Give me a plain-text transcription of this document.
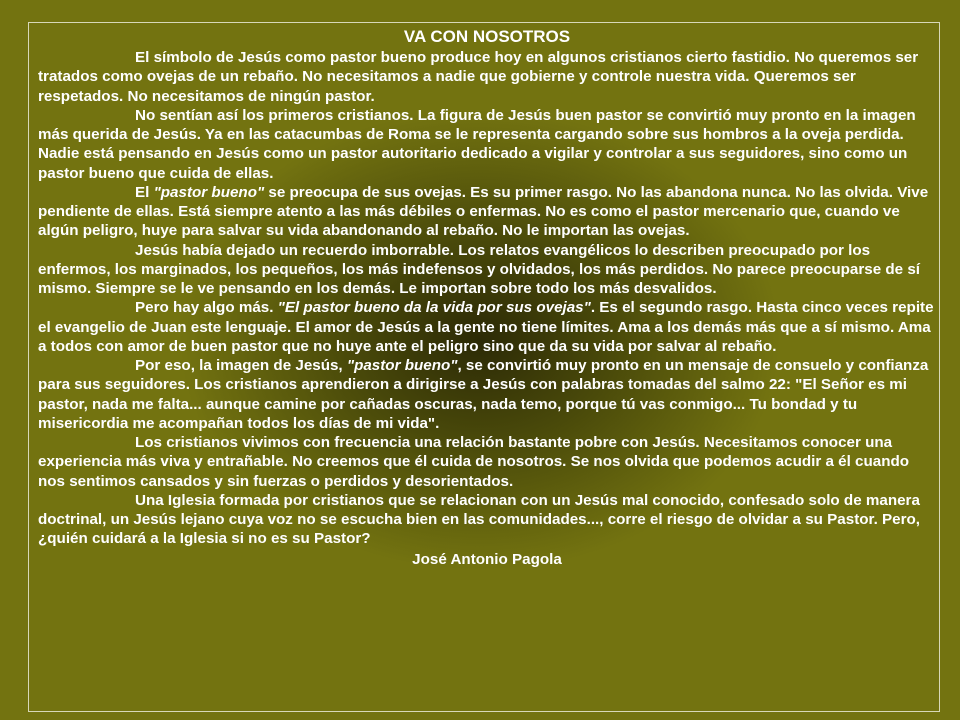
VA CON NOSOTROS

El símbolo de Jesús como pastor bueno produce hoy en algunos cristianos cierto fastidio. No queremos ser tratados como ovejas de un rebaño. No necesitamos a nadie que gobierne y controle nuestra vida. Queremos ser respetados. No necesitamos de ningún pastor.

No sentían así los primeros cristianos. La figura de Jesús buen pastor se convirtió muy pronto en la imagen más querida de Jesús. Ya en las catacumbas de Roma se le representa cargando sobre sus hombros a la oveja perdida. Nadie está pensando en Jesús como un pastor autoritario dedicado a vigilar y controlar a sus seguidores, sino como un pastor bueno que cuida de ellas.

El "pastor bueno" se preocupa de sus ovejas. Es su primer rasgo. No las abandona nunca. No las olvida. Vive pendiente de ellas. Está siempre atento a las más débiles o enfermas. No es como el pastor mercenario que, cuando ve algún peligro, huye para salvar su vida abandonando al rebaño. No le importan las ovejas.

Jesús había dejado un recuerdo imborrable. Los relatos evangélicos lo describen preocupado por los enfermos, los marginados, los pequeños, los más indefensos y olvidados, los más perdidos. No parece preocuparse de sí mismo. Siempre se le ve pensando en los demás. Le importan sobre todo los más desvalidos.

Pero hay algo más. "El pastor bueno da la vida por sus ovejas". Es el segundo rasgo. Hasta cinco veces repite el evangelio de Juan este lenguaje. El amor de Jesús a la gente no tiene límites. Ama a los demás más que a sí mismo. Ama a todos con amor de buen pastor que no huye ante el peligro sino que da su vida por salvar al rebaño.

Por eso, la imagen de Jesús, "pastor bueno", se convirtió muy pronto en un mensaje de consuelo y confianza para sus seguidores. Los cristianos aprendieron a dirigirse a Jesús con palabras tomadas del salmo 22: "El Señor es mi pastor, nada me falta... aunque camine por cañadas oscuras, nada temo, porque tú vas conmigo... Tu bondad y tu misericordia me acompañan todos los días de mi vida".

Los cristianos vivimos con frecuencia una relación bastante pobre con Jesús. Necesitamos conocer una experiencia más viva y entrañable. No creemos que él cuida de nosotros. Se nos olvida que podemos acudir a él cuando nos sentimos cansados y sin fuerzas o perdidos y desorientados.

Una Iglesia formada por cristianos que se relacionan con un Jesús mal conocido, confesado solo de manera doctrinal, un Jesús lejano cuya voz no se escucha bien en las comunidades..., corre el riesgo de olvidar a su Pastor. Pero, ¿quién cuidará a la Iglesia si no es su Pastor?

José Antonio Pagola
